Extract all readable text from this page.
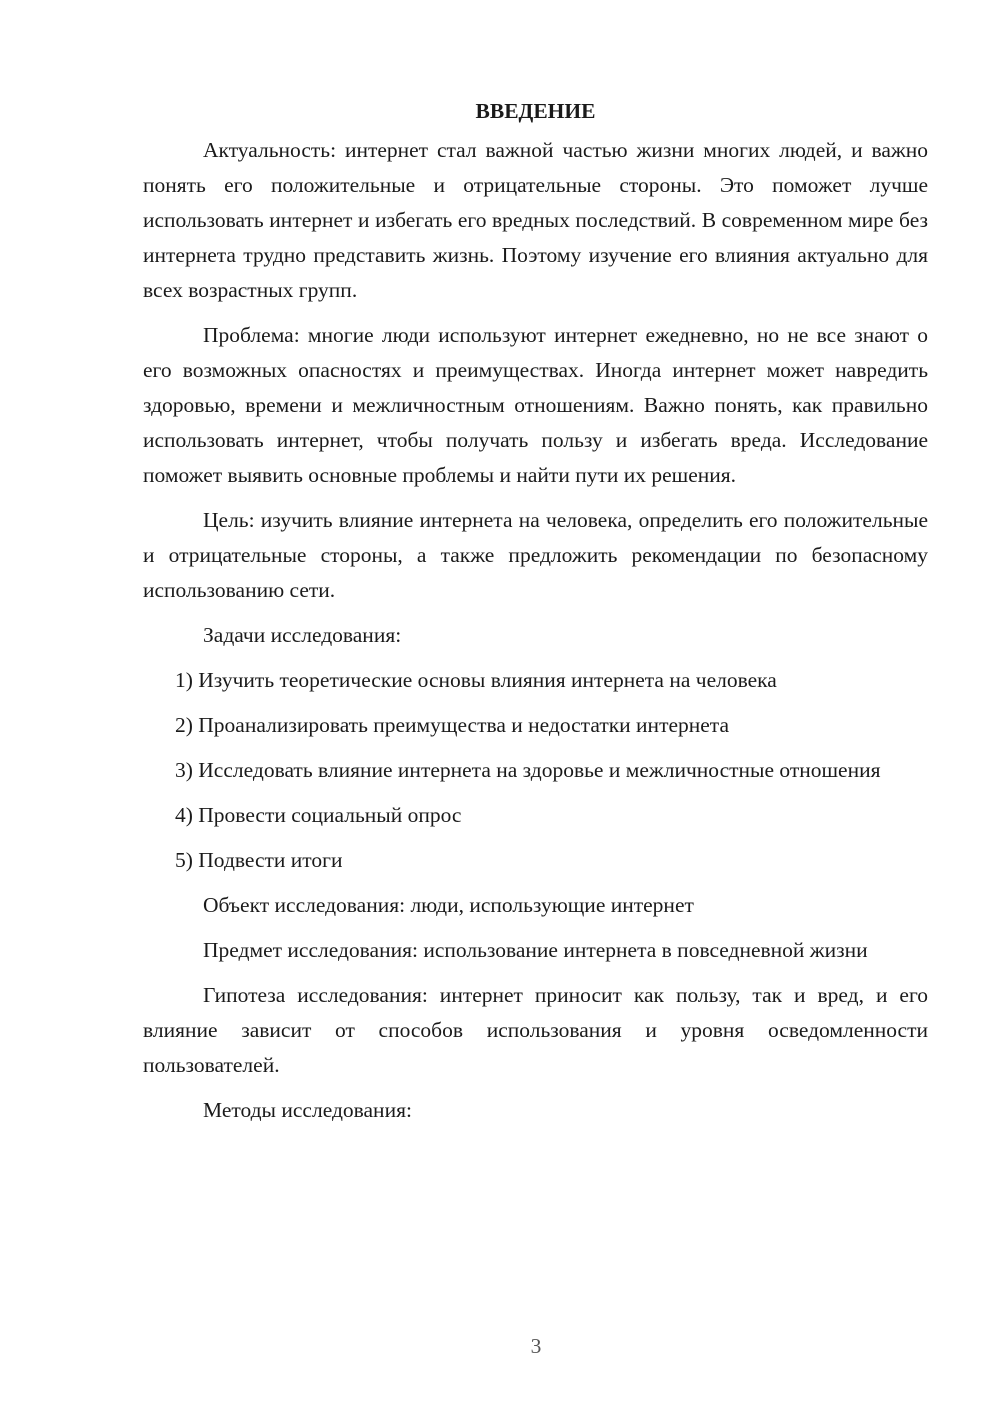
ВВЕДЕНИЕ

Актуальность: интернет стал важной частью жизни многих людей, и важно понять его положительные и отрицательные стороны. Это поможет лучше использовать интернет и избегать его вредных последствий. В современном мире без интернета трудно представить жизнь. Поэтому изучение его влияния актуально для всех возрастных групп.

Проблема: многие люди используют интернет ежедневно, но не все знают о его возможных опасностях и преимуществах. Иногда интернет может навредить здоровью, времени и межличностным отношениям. Важно понять, как правильно использовать интернет, чтобы получать пользу и избегать вреда. Исследование поможет выявить основные проблемы и найти пути их решения.

Цель: изучить влияние интернета на человека, определить его положительные и отрицательные стороны, а также предложить рекомендации по безопасному использованию сети.

Задачи исследования:

1) Изучить теоретические основы влияния интернета на человека

2) Проанализировать преимущества и недостатки интернета

3) Исследовать влияние интернета на здоровье и межличностные отношения

4) Провести социальный опрос

5) Подвести итоги

Объект исследования: люди, использующие интернет

Предмет исследования: использование интернета в повседневной жизни

Гипотеза исследования: интернет приносит как пользу, так и вред, и его влияние зависит от способов использования и уровня осведомленности пользователей.

Методы исследования:

3
